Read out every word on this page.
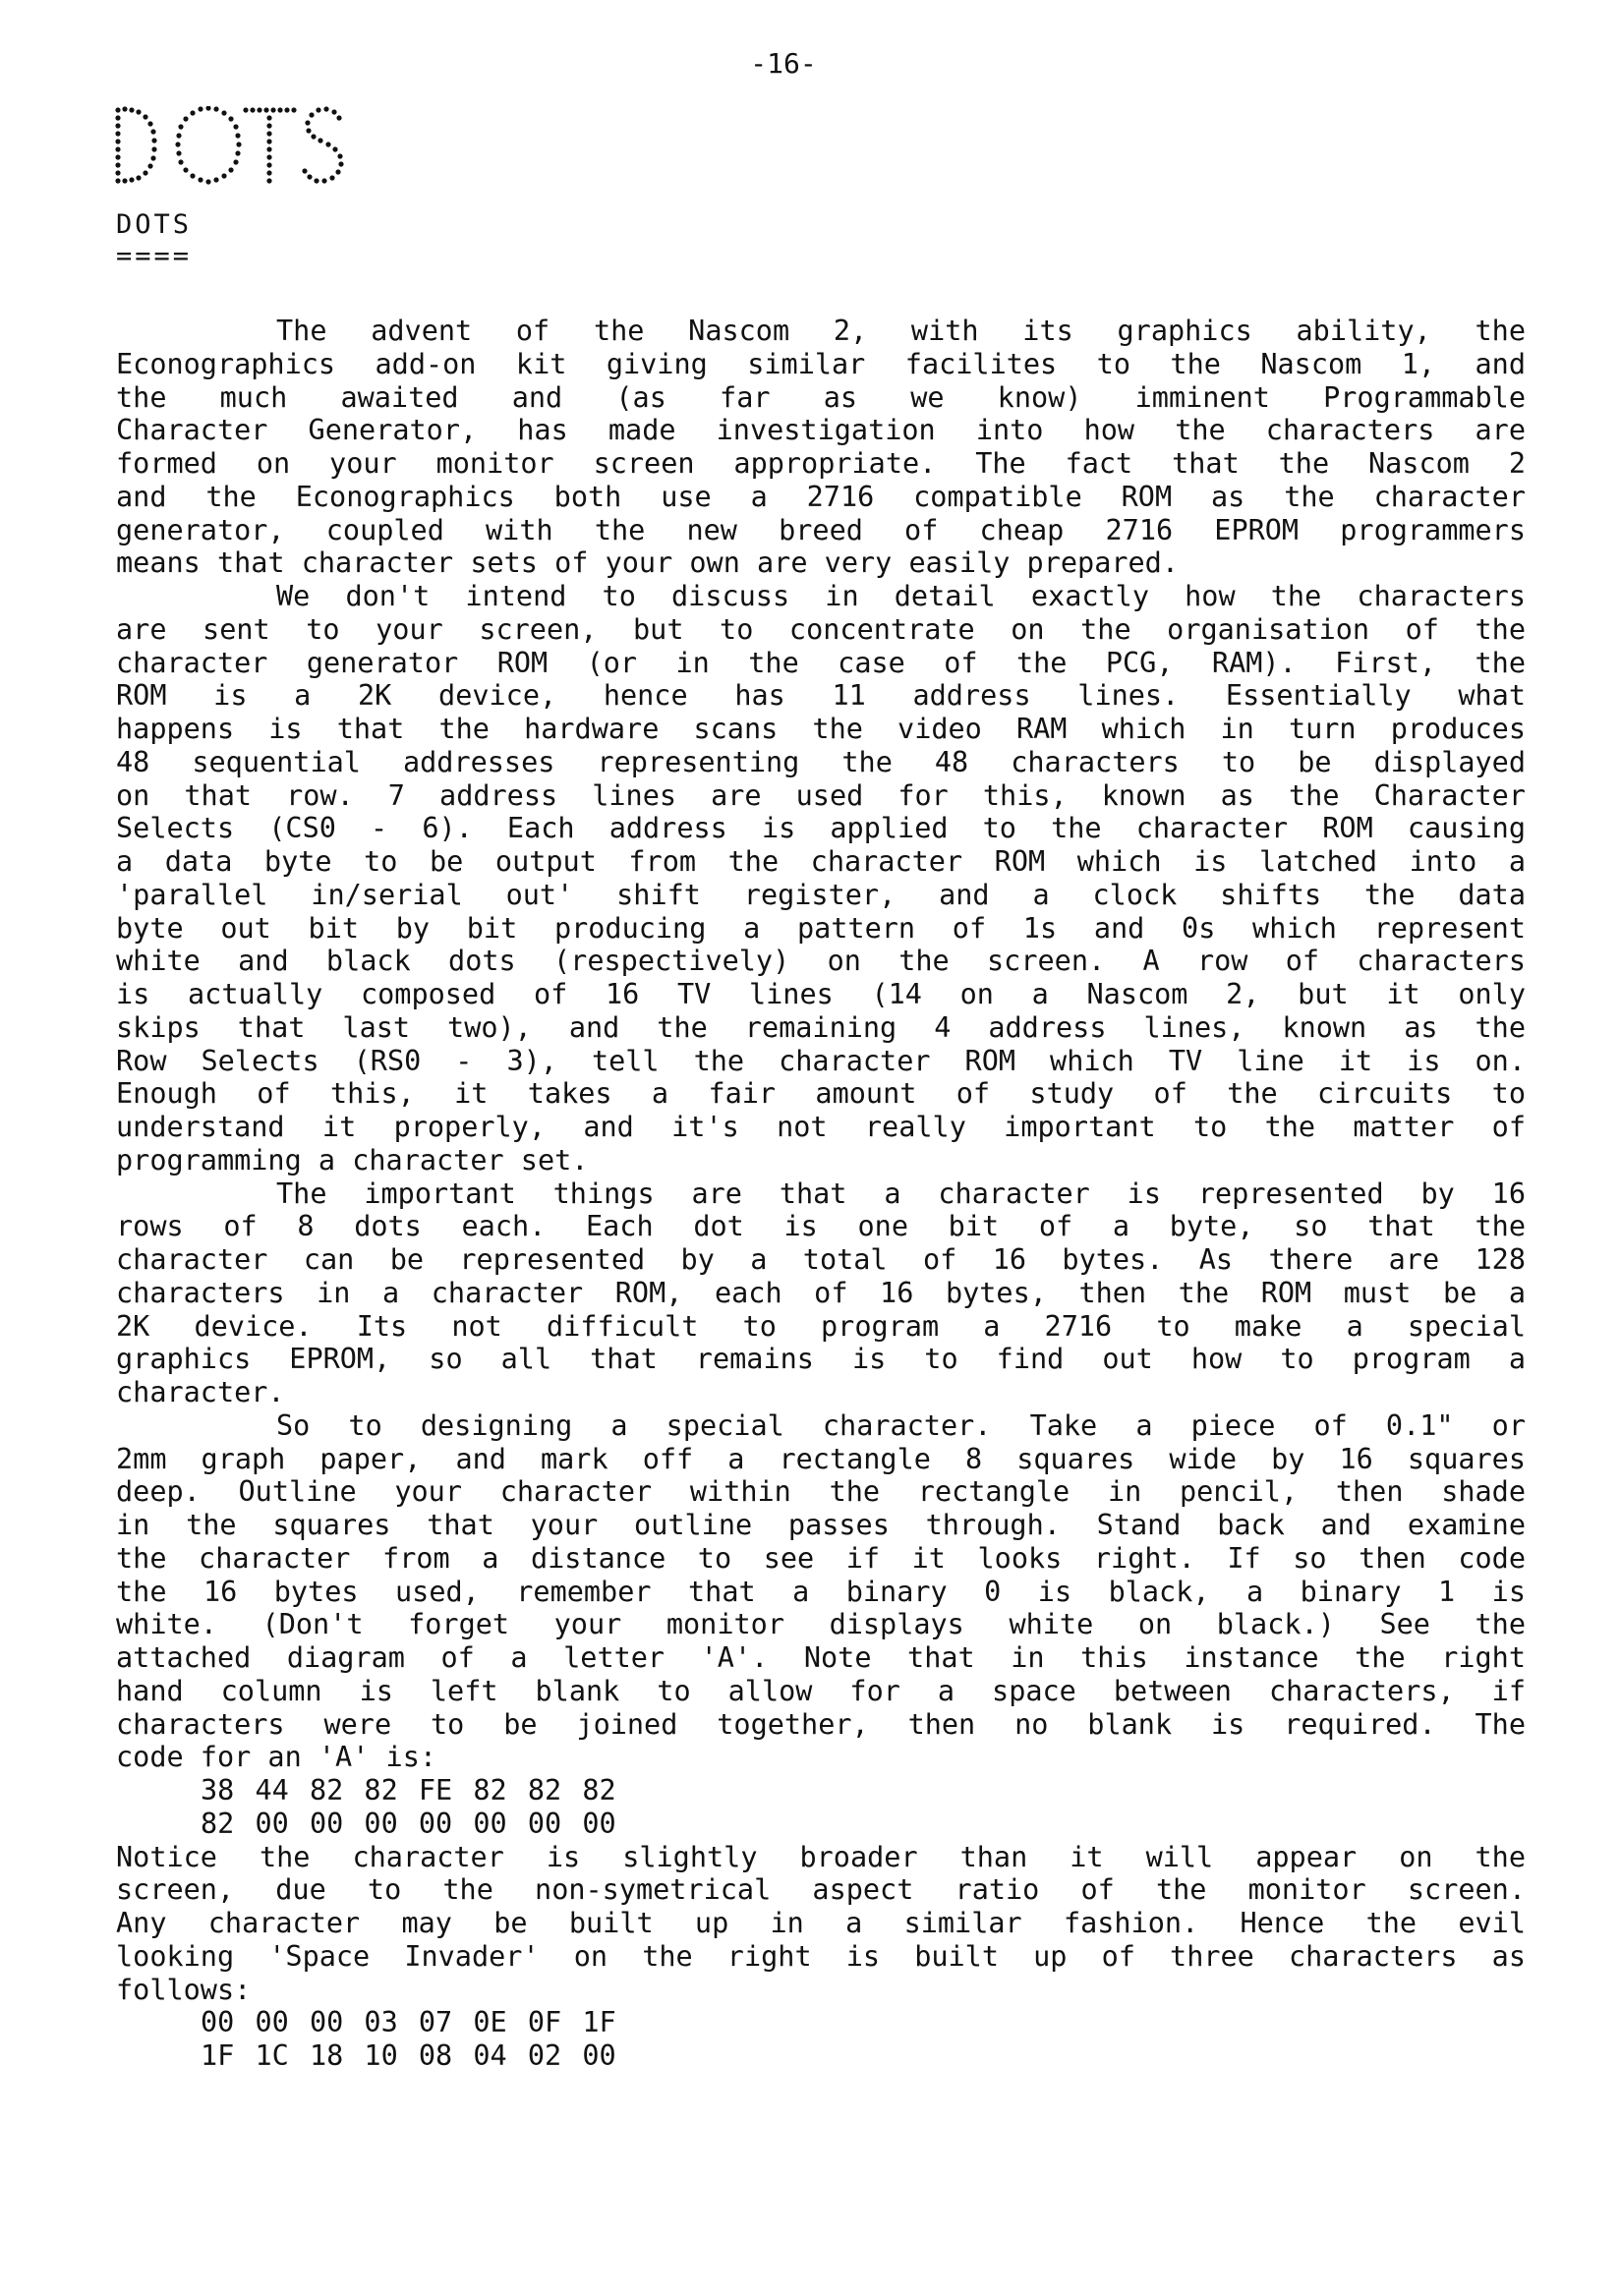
-16-
DOTS
====
The advent of the Nascom 2, with its graphics ability, the
Econographics add-on kit giving similar facilites to the Nascom 1, and
the much awaited and (as far as we know) imminent Programmable
Character Generator, has made investigation into how the characters are
formed on your monitor screen appropriate. The fact that the Nascom 2
and the Econographics both use a 2716 compatible ROM as the character
generator, coupled with the new breed of cheap 2716 EPROM programmers
means that character sets of your own are very easily prepared.
We don't intend to discuss in detail exactly how the characters
are sent to your screen, but to concentrate on the organisation of the
character generator ROM (or in the case of the PCG, RAM). First, the
ROM is a 2K device, hence has 11 address lines. Essentially what
happens is that the hardware scans the video RAM which in turn produces
48 sequential addresses representing the 48 characters to be displayed
on that row. 7 address lines are used for this, known as the Character
Selects (CS0 - 6). Each address is applied to the character ROM causing
a data byte to be output from the character ROM which is latched into a
'parallel in/serial out' shift register, and a clock shifts the data
byte out bit by bit producing a pattern of 1s and 0s which represent
white and black dots (respectively) on the screen. A row of characters
is actually composed of 16 TV lines (14 on a Nascom 2, but it only
skips that last two), and the remaining 4 address lines, known as the
Row Selects (RS0 - 3), tell the character ROM which TV line it is on.
Enough of this, it takes a fair amount of study of the circuits to
understand it properly, and it's not really important to the matter of
programming a character set.
The important things are that a character is represented by 16
rows of 8 dots each. Each dot is one bit of a byte, so that the
character can be represented by a total of 16 bytes. As there are 128
characters in a character ROM, each of 16 bytes, then the ROM must be a
2K device. Its not difficult to program a 2716 to make a special
graphics EPROM, so all that remains is to find out how to program a
character.
So to designing a special character. Take a piece of 0.1" or
2mm graph paper, and mark off a rectangle 8 squares wide by 16 squares
deep. Outline your character within the rectangle in pencil, then shade
in the squares that your outline passes through. Stand back and examine
the character from a distance to see if it looks right. If so then code
the 16 bytes used, remember that a binary 0 is black, a binary 1 is
white. (Don't forget your monitor displays white on black.) See the
attached diagram of a letter 'A'. Note that in this instance the right
hand column is left blank to allow for a space between characters, if
characters were to be joined together, then no blank is required. The
code for an 'A' is:
38 44 82 82 FE 82 82 82
82 00 00 00 00 00 00 00
Notice the character is slightly broader than it will appear on the
screen, due to the non-symetrical aspect ratio of the monitor screen.
Any character may be built up in a similar fashion. Hence the evil
looking 'Space Invader' on the right is built up of three characters as
follows:
00 00 00 03 07 0E 0F 1F
1F 1C 18 10 08 04 02 00
